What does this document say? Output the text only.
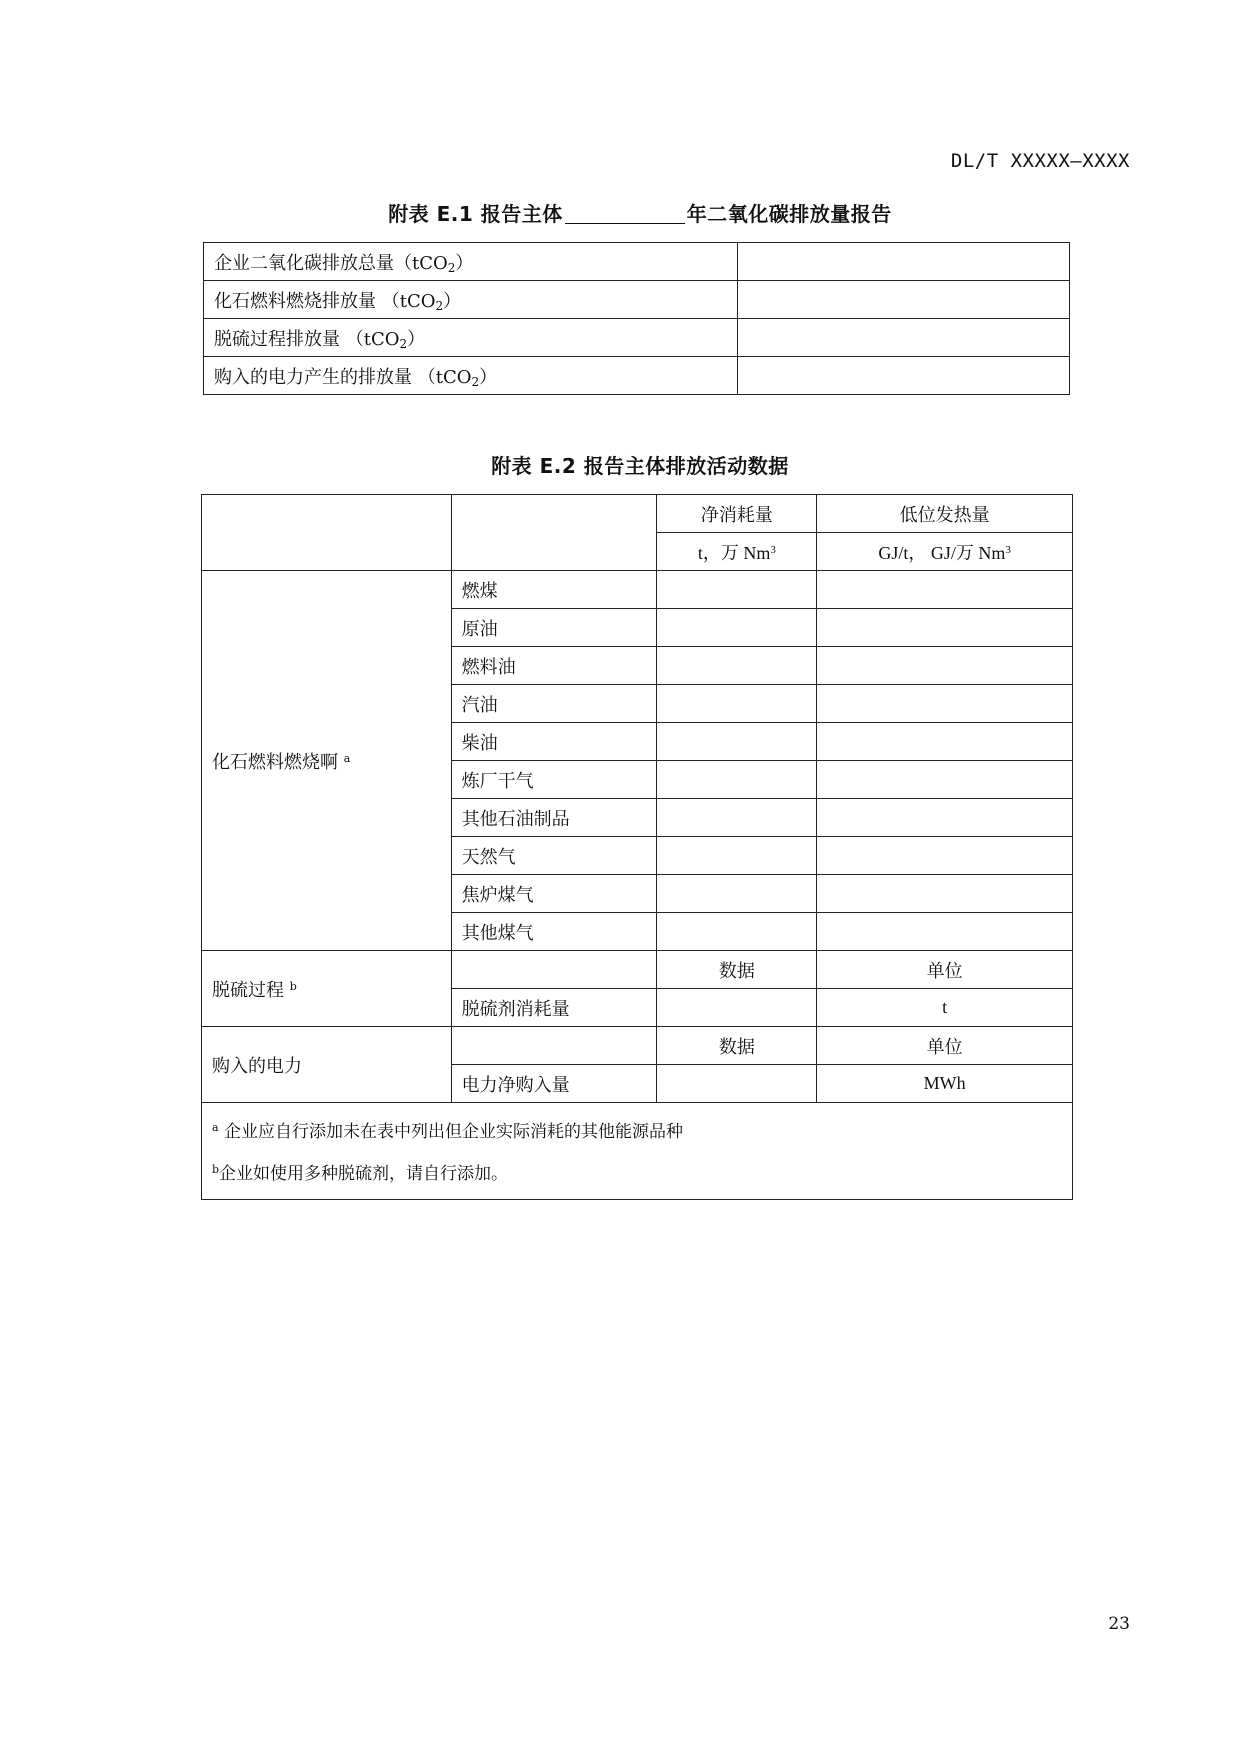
DL/T XXXXX—XXXX
附表 E.1 报告主体	年二氧化碳排放量报告
企业二氧化碳排放总量（tCO$_2$）	
化石燃料燃烧排放量 （tCO$_2$）	
脱硫过程排放量 （tCO$_2$）	
购入的电力产生的排放量 （tCO$_2$）	
附表 E.2 报告主体排放活动数据
		净消耗量	低位发热量
		t，万 Nm$^3$	GJ/t， GJ/万 Nm$^3$
化石燃料燃烧啊 $^a$	燃煤		
	原油		
	燃料油		
	汽油		
	柴油		
	炼厂干气		
	其他石油制品		
	天然气		
	焦炉煤气		
	其他煤气		
脱硫过程 $^b$		数据	单位
	脱硫剂消耗量		t
购入的电力		数据	单位
	电力净购入量		MWh

$^a$ 企业应自行添加未在表中列出但企业实际消耗的其他能源品种
$^b$企业如使用多种脱硫剂，请自行添加。			
23
